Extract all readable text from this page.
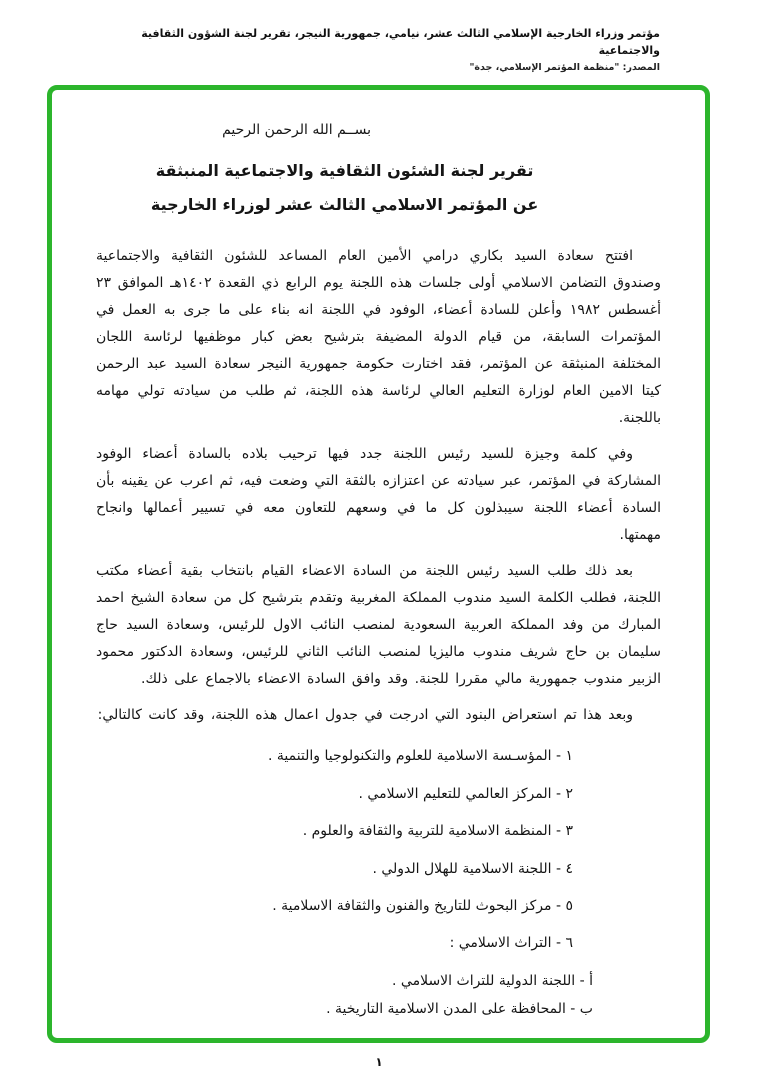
مؤتمر وزراء الخارجية الإسلامي الثالث عشر، نيامي، جمهورية النيجر، تقرير لجنة الشؤون الثقافية والاجتماعية
المصدر: "منظمة المؤتمر الإسلامي، جدة"
بســم الله الرحمن الرحيم
تقرير لجنة الشئون الثقافية والاجتماعية المنبثقة
عن المؤتمر الاسلامي الثالث عشر لوزراء الخارجية

افتتح سعادة السيد بكاري درامي الأمين العام المساعد للشئون الثقافية والاجتماعية وصندوق التضامن الاسلامي أولى جلسات هذه اللجنة يوم الرابع ذي القعدة ١٤٠٢هـ الموافق ٢٣ أغسطس ١٩٨٢ وأعلن للسادة أعضاء، الوفود في اللجنة انه بناء على ما جرى به العمل في المؤتمرات السابقة، من قيام الدولة المضيفة بترشيح بعض كبار موظفيها لرئاسة اللجان المختلفة المنبثقة عن المؤتمر، فقد اختارت حكومة جمهورية النيجر سعادة السيد عبد الرحمن كيتا الامين العام لوزارة التعليم العالي لرئاسة هذه اللجنة، ثم طلب من سيادته تولي مهامه باللجنة.

وفي كلمة وجيزة للسيد رئيس اللجنة جدد فيها ترحيب بلاده بالسادة أعضاء الوفود المشاركة في المؤتمر، عبر سيادته عن اعتزازه بالثقة التي وضعت فيه، ثم اعرب عن يقينه بأن السادة أعضاء اللجنة سيبذلون كل ما في وسعهم للتعاون معه في تسيير أعمالها وانجاح مهمتها.

بعد ذلك طلب السيد رئيس اللجنة من السادة الاعضاء القيام بانتخاب بقية أعضاء مكتب اللجنة، فطلب الكلمة السيد مندوب المملكة المغربية وتقدم بترشيح كل من سعادة الشيخ احمد المبارك من وفد المملكة العربية السعودية لمنصب النائب الاول للرئيس، وسعادة السيد حاج سليمان بن حاج شريف مندوب ماليزيا لمنصب النائب الثاني للرئيس، وسعادة الدكتور محمود الزبير مندوب جمهورية مالي مقررا للجنة. وقد وافق السادة الاعضاء بالاجماع على ذلك.

وبعد هذا تم استعراض البنود التي ادرجت في جدول اعمال هذه اللجنة، وقد كانت كالتالي:

١ - المؤسـسة الاسلامية للعلوم والتكنولوجيا والتنمية .
٢ - المركز العالمي للتعليم الاسلامي .
٣ - المنظمة الاسلامية للتربية والثقافة والعلوم .
٤ - اللجنة الاسلامية للهلال الدولي .
٥ - مركز البحوث للتاريخ والفنون والثقافة الاسلامية .
٦ - التراث الاسلامي :
أ - اللجنة الدولية للتراث الاسلامي .
ب - المحافظة على المدن الاسلامية التاريخية .
١
